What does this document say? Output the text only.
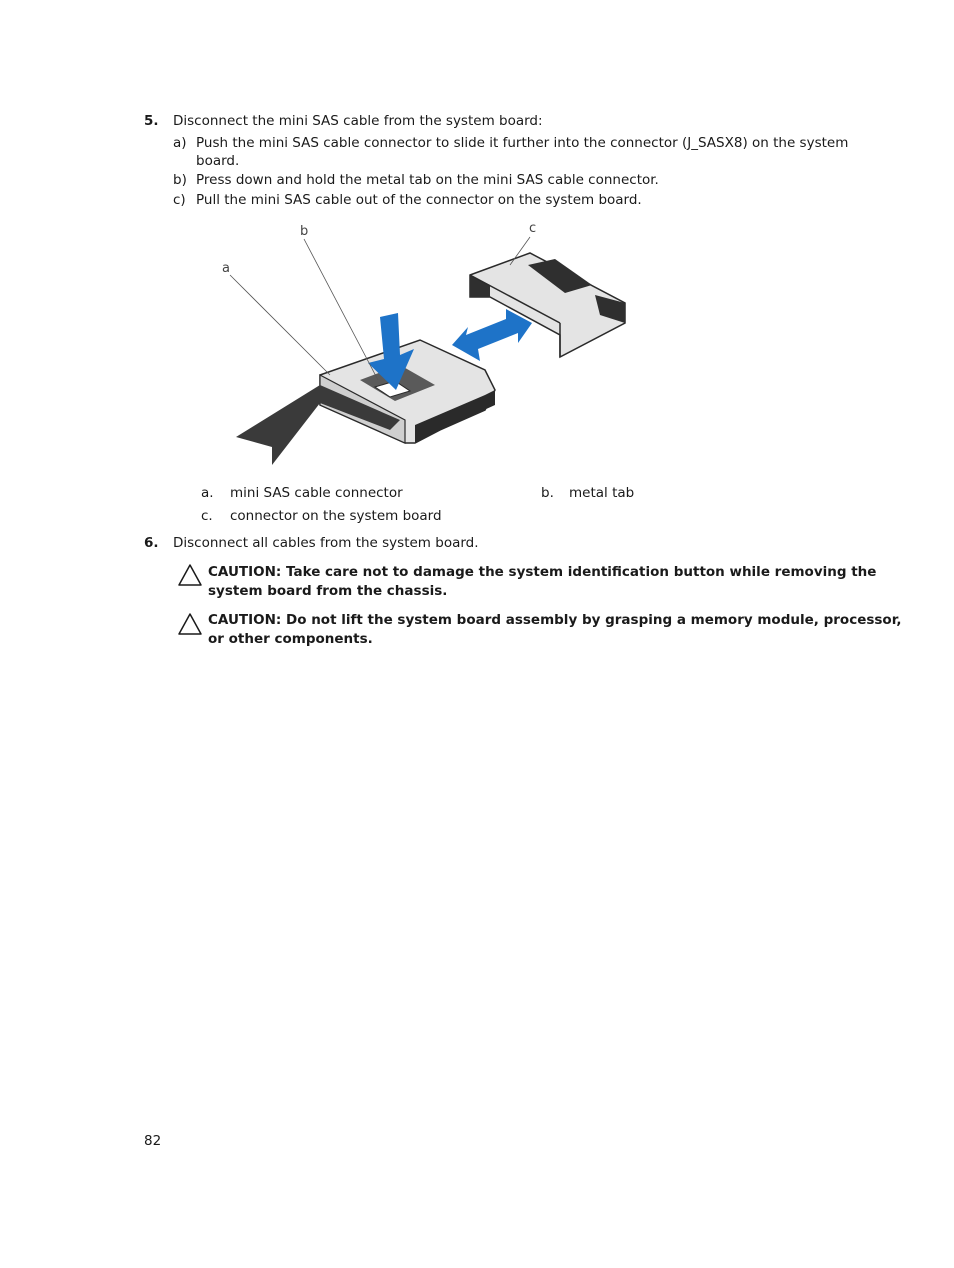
5. Disconnect the mini SAS cable from the system board:
a) Push the mini SAS cable connector to slide it further into the connector (J_SASX8) on the system
board.
b) Press down and hold the metal tab on the mini SAS cable connector.
c) Pull the mini SAS cable out of the connector on the system board.
a
b	c
a. mini SAS cable connector	b. metal tab
c. connector on the system board
6. Disconnect all cables from the system board.
CAUTION: Take care not to damage the system identification button while removing the
system board from the chassis.
CAUTION: Do not lift the system board assembly by grasping a memory module, processor,
or other components.
82
